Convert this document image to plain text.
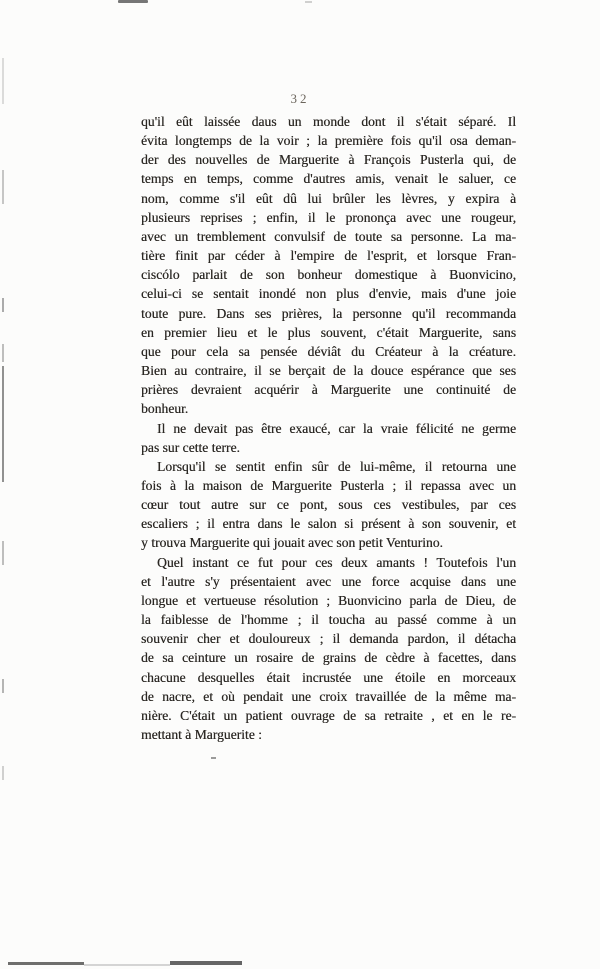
32
qu'il eût laissée daus un monde dont il s'était séparé. Il
évita longtemps de la voir ; la première fois qu'il osa deman-
der des nouvelles de Marguerite à François Pusterla qui, de
temps en temps, comme d'autres amis, venait le saluer, ce
nom, comme s'il eût dû lui brûler les lèvres, y expira à
plusieurs reprises ; enfin, il le prononça avec une rougeur,
avec un tremblement convulsif de toute sa personne. La ma-
tière finit par céder à l'empire de l'esprit, et lorsque Fran-
ciscólo parlait de son bonheur domestique à Buonvicino,
celui-ci se sentait inondé non plus d'envie, mais d'une joie
toute pure. Dans ses prières, la personne qu'il recommanda
en premier lieu et le plus souvent, c'était Marguerite, sans
que pour cela sa pensée déviât du Créateur à la créature.
Bien au contraire, il se berçait de la douce espérance que ses
prières devraient acquérir à Marguerite une continuité de
bonheur.
Il ne devait pas être exaucé, car la vraie félicité ne germe
pas sur cette terre.
Lorsqu'il se sentit enfin sûr de lui-même, il retourna une
fois à la maison de Marguerite Pusterla ; il repassa avec un
cœur tout autre sur ce pont, sous ces vestibules, par ces
escaliers ; il entra dans le salon si présent à son souvenir, et
y trouva Marguerite qui jouait avec son petit Venturino.
Quel instant ce fut pour ces deux amants ! Toutefois l'un
et l'autre s'y présentaient avec une force acquise dans une
longue et vertueuse résolution ; Buonvicino parla de Dieu, de
la faiblesse de l'homme ; il toucha au passé comme à un
souvenir cher et douloureux ; il demanda pardon, il détacha
de sa ceinture un rosaire de grains de cèdre à facettes, dans
chacune desquelles était incrustée une étoile en morceaux
de nacre, et où pendait une croix travaillée de la même ma-
nière. C'était un patient ouvrage de sa retraite , et en le re-
mettant à Marguerite :
